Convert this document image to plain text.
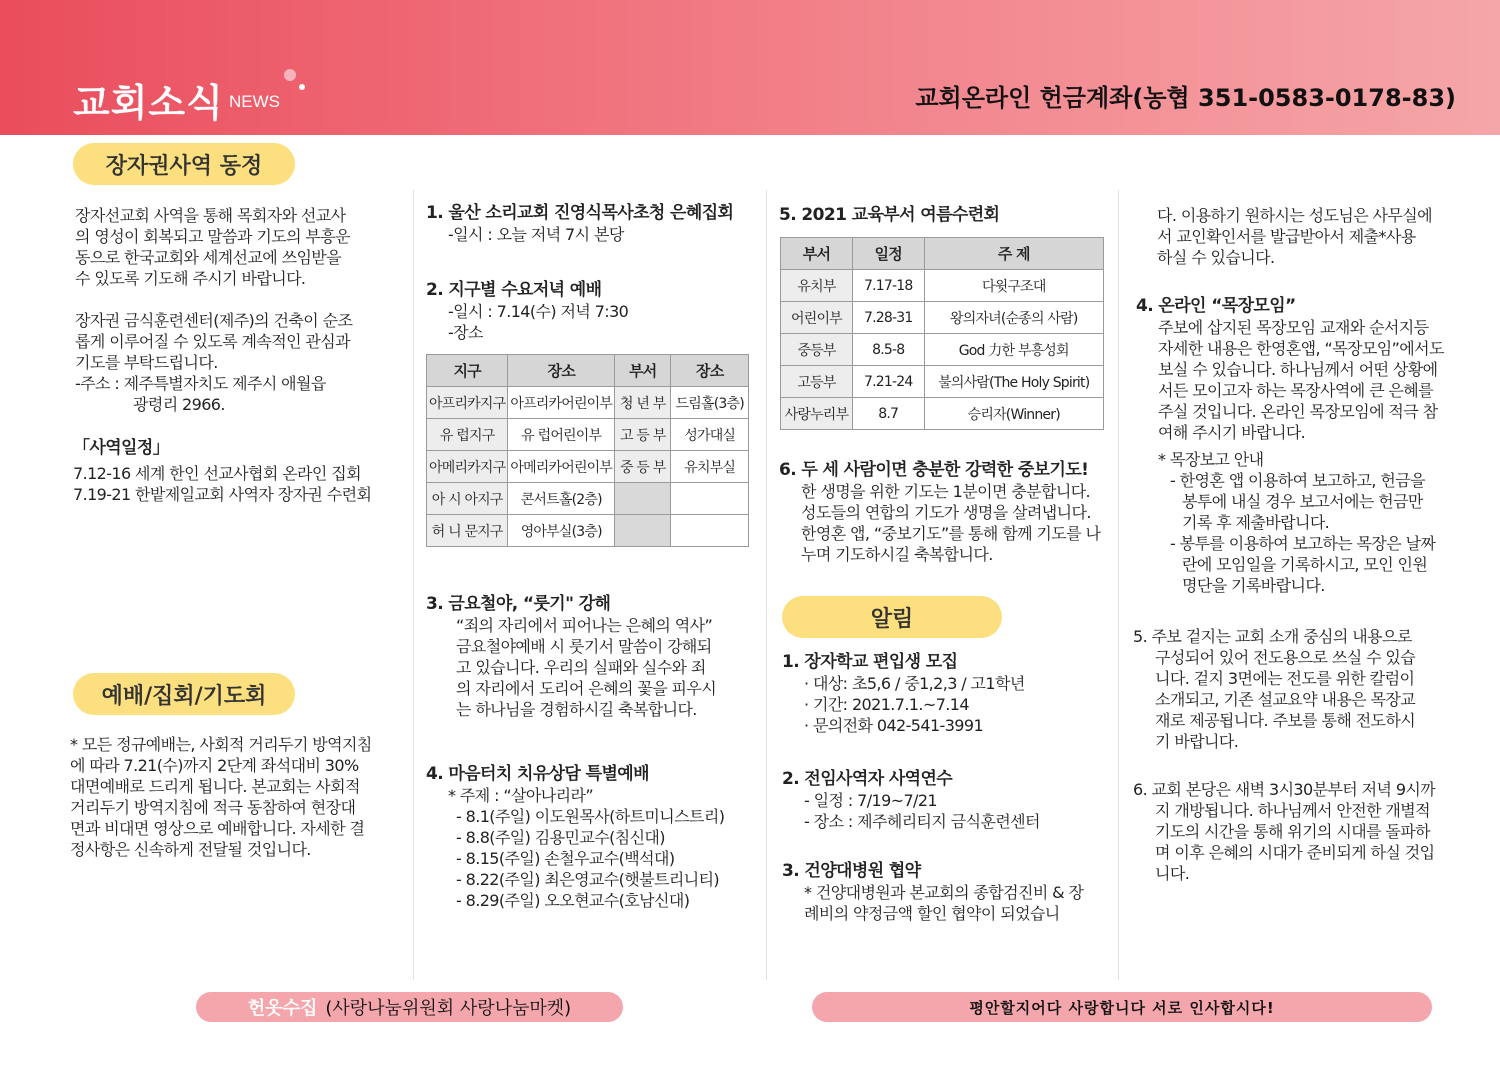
교회소식 NEWS	교회온라인 헌금계좌(농협 351-0583-0178-83)
장자권사역 동정

장자선교회 사역을 통해 목회자와 선교사

의 영성이 회복되고 말씀과 기도의 부흥운

동으로 한국교회와 세계선교에 쓰임받을

수 있도록 기도해 주시기 바랍니다.

장자권 금식훈련센터(제주)의 건축이 순조

롭게 이루어질 수 있도록 계속적인 관심과

기도를 부탁드립니다.

-주소 : 제주특별자치도 제주시 애월읍

광령리 2966.

「사역일정」

7.12-16 세계 한인 선교사협회 온라인 집회

7.19-21 한밭제일교회 사역자 장자권 수련회

예배/집회/기도회

* 모든 정규예배는, 사회적 거리두기 방역지침

에 따라 7.21(수)까지 2단계 좌석대비 30%

대면예배로 드리게 됩니다. 본교회는 사회적

거리두기 방역지침에 적극 동참하여 현장대

면과 비대면 영상으로 예배합니다. 자세한 결

정사항은 신속하게 전달될 것입니다.

1. 울산 소리교회 진영식목사초청 은혜집회

-일시 : 오늘 저녁 7시 본당

2. 지구별 수요저녁 예배

-일시 : 7.14(수) 저녁 7:30

-장소

지구	장소	부서	장소
아프리카지구	아프리카어린이부	청 년 부	드림홀(3층)
유 럽지구	유 럽어린이부	고 등 부	성가대실
아메리카지구	아메리카어린이부	중 등 부	유치부실
아 시 아지구	콘서트홀(2층)		
허 니 문지구	영아부실(3층)		

3. 금요철야, “룻기" 강해

“죄의 자리에서 피어나는 은혜의 역사”

금요철야예배 시 룻기서 말씀이 강해되

고 있습니다. 우리의 실패와 실수와 죄

의 자리에서 도리어 은혜의 꽃을 피우시

는 하나님을 경험하시길 축복합니다.

4. 마음터치 치유상담 특별예배

* 주제 : “살아나리라”

- 8.1(주일) 이도원목사(하트미니스트리)

- 8.8(주일) 김용민교수(침신대)

- 8.15(주일) 손철우교수(백석대)

- 8.22(주일) 최은영교수(햇불트리니티)

- 8.29(주일) 오오현교수(호남신대)

5. 2021 교육부서 여름수련회

부서	일정	주 제
유치부	7.17-18	다윗구조대
어린이부	7.28-31	왕의자녀(순종의 사람)
중등부	8.5-8	God 力한 부흥성회
고등부	7.21-24	불의사람(The Holy Spirit)
사랑누리부	8.7	승리자(Winner)

6. 두 세 사람이면 충분한 강력한 중보기도!

한 생명을 위한 기도는 1분이면 충분합니다.

성도들의 연합의 기도가 생명을 살려냅니다.

한영혼 앱, “중보기도”를 통해 함께 기도를 나

누며 기도하시길 축복합니다.

알림

1. 장자학교 편입생 모집

· 대상: 초5,6 / 중1,2,3 / 고1학년

· 기간: 2021.7.1.~7.14

· 문의전화 042-541-3991

2. 전임사역자 사역연수

- 일정 : 7/19~7/21

- 장소 : 제주헤리티지 금식훈련센터

3. 건양대병원 협약

* 건양대병원과 본교회의 종합검진비 & 장

례비의 약정금액 할인 협약이 되었습니

다. 이용하기 원하시는 성도님은 사무실에

서 교인확인서를 발급받아서 제출*사용

하실 수 있습니다.

4. 온라인 “목장모임”

주보에 삽지된 목장모임 교재와 순서지등

자세한 내용은 한영혼앱, “목장모임”에서도

보실 수 있습니다. 하나님께서 어떤 상황에

서든 모이고자 하는 목장사역에 큰 은혜를

주실 것입니다. 온라인 목장모임에 적극 참

여해 주시기 바랍니다.

* 목장보고 안내

- 한영혼 앱 이용하여 보고하고, 헌금을

봉투에 내실 경우 보고서에는 헌금만

기록 후 제출바랍니다.

- 봉투를 이용하여 보고하는 목장은 날짜

란에 모임일을 기록하시고, 모인 인원

명단을 기록바랍니다.

5. 주보 겉지는 교회 소개 중심의 내용으로

구성되어 있어 전도용으로 쓰실 수 있습

니다. 겉지 3면에는 전도를 위한 칼럼이

소개되고, 기존 설교요약 내용은 목장교

재로 제공됩니다. 주보를 통해 전도하시

기 바랍니다.

6. 교회 본당은 새벽 3시30분부터 저녁 9시까

지 개방됩니다. 하나님께서 안전한 개별적

기도의 시간을 통해 위기의 시대를 돌파하

며 이후 은혜의 시대가 준비되게 하실 것입

니다.

헌옷수집 (사랑나눔위원회 사랑나눔마켓)	평안할지어다 사랑합니다 서로 인사합시다!
